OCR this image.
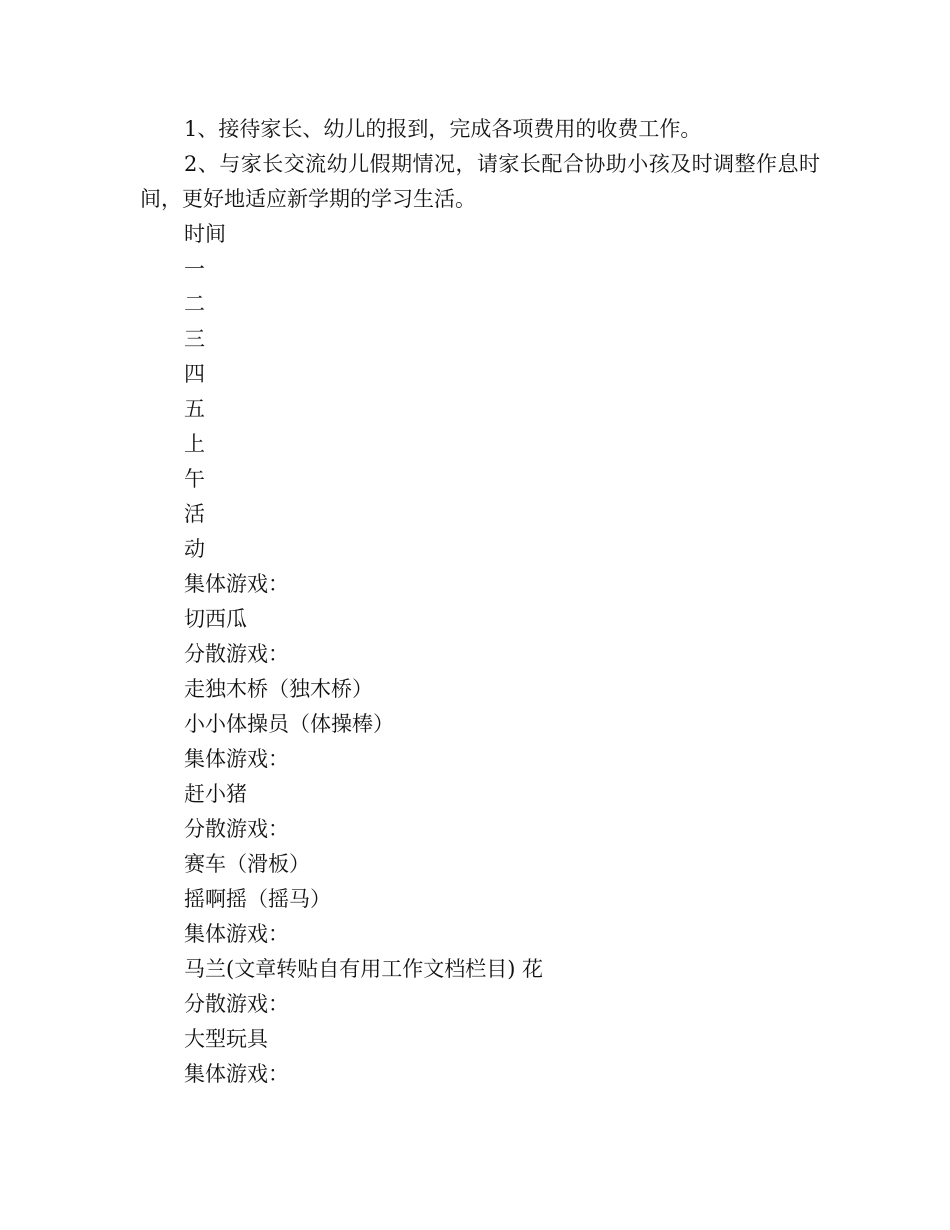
1、接待家长、幼儿的报到，完成各项费用的收费工作。

2、与家长交流幼儿假期情况，请家长配合协助小孩及时调整作息时间，更好地适应新学期的学习生活。

时间
一
二
三
四
五
上
午
活
动
集体游戏：
切西瓜
分散游戏：
走独木桥（独木桥）
小小体操员（体操棒）
集体游戏：
赶小猪
分散游戏：
赛车（滑板）
摇啊摇（摇马）
集体游戏：
马兰(文章转贴自有用工作文档栏目) 花
分散游戏：
大型玩具
集体游戏：
